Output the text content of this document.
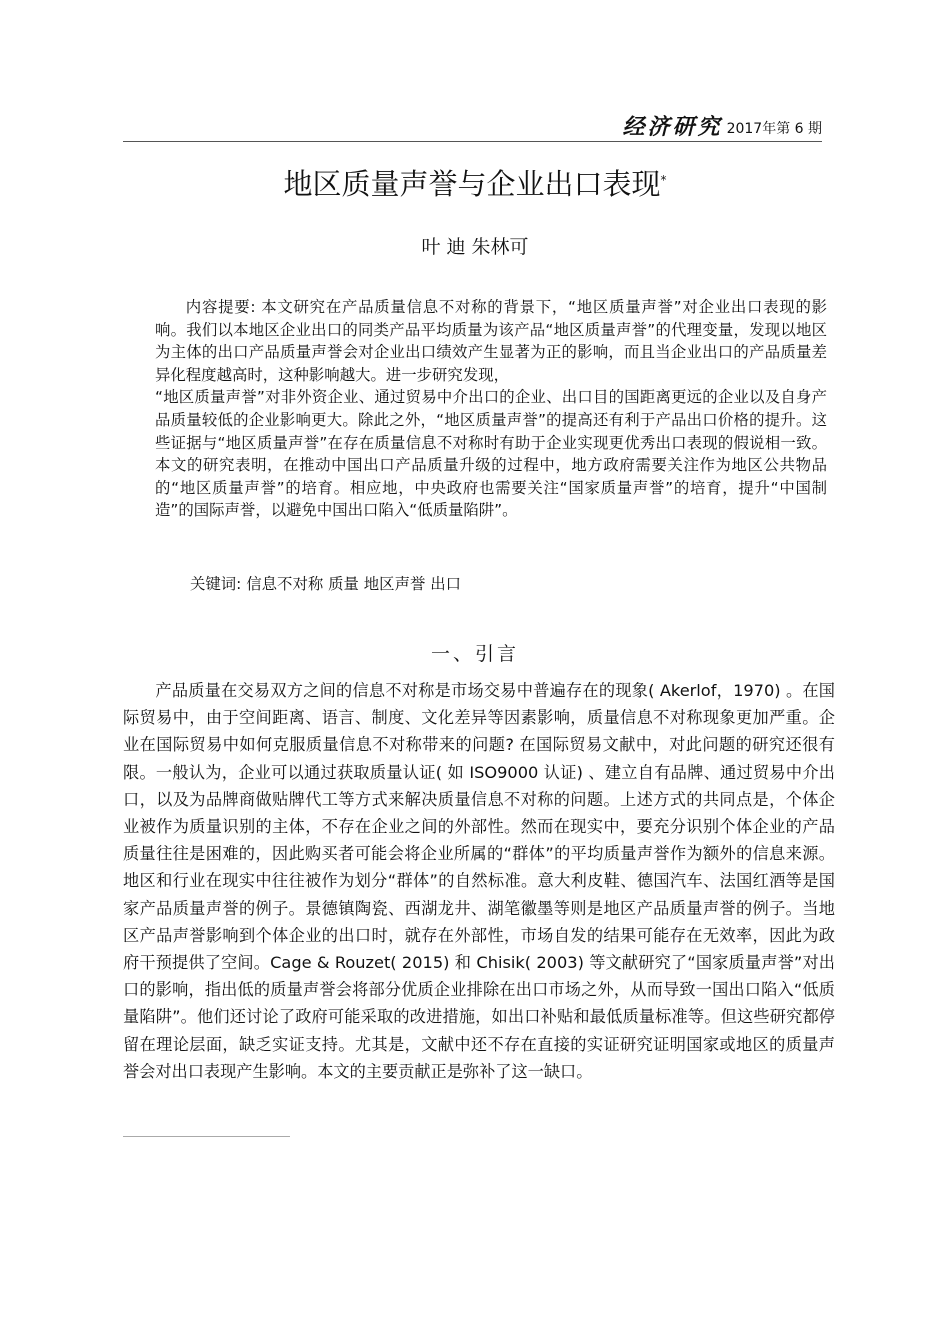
经济研究 2017年第 6 期
地区质量声誉与企业出口表现*
叶 迪 朱林可

内容提要: 本文研究在产品质量信息不对称的背景下，“地区质量声誉”对企业出口表现的影响。我们以本地区企业出口的同类产品平均质量为该产品“地区质量声誉”的代理变量，发现以地区为主体的出口产品质量声誉会对企业出口绩效产生显著为正的影响，而且当企业出口的产品质量差异化程度越高时，这种影响越大。进一步研究发现，

“地区质量声誉”对非外资企业、通过贸易中介出口的企业、出口目的国距离更远的企业以及自身产品质量较低的企业影响更大。除此之外，“地区质量声誉”的提高还有利于产品出口价格的提升。这些证据与“地区质量声誉”在存在质量信息不对称时有助于企业实现更优秀出口表现的假说相一致。本文的研究表明，在推动中国出口产品质量升级的过程中，地方政府需要关注作为地区公共物品的“地区质量声誉”的培育。相应地，中央政府也需要关注“国家质量声誉”的培育，提升“中国制造”的国际声誉，以避免中国出口陷入“低质量陷阱”。

关键词: 信息不对称 质量 地区声誉 出口
一、引言

产品质量在交易双方之间的信息不对称是市场交易中普遍存在的现象( Akerlof，1970) 。在国际贸易中，由于空间距离、语言、制度、文化差异等因素影响，质量信息不对称现象更加严重。企业在国际贸易中如何克服质量信息不对称带来的问题? 在国际贸易文献中，对此问题的研究还很有限。一般认为，企业可以通过获取质量认证( 如 ISO9000 认证) 、建立自有品牌、通过贸易中介出口，以及为品牌商做贴牌代工等方式来解决质量信息不对称的问题。上述方式的共同点是，个体企业被作为质量识别的主体，不存在企业之间的外部性。然而在现实中，要充分识别个体企业的产品质量往往是困难的，因此购买者可能会将企业所属的“群体”的平均质量声誉作为额外的信息来源。地区和行业在现实中往往被作为划分“群体”的自然标准。意大利皮鞋、德国汽车、法国红酒等是国家产品质量声誉的例子。景德镇陶瓷、西湖龙井、湖笔徽墨等则是地区产品质量声誉的例子。当地区产品声誉影响到个体企业的出口时，就存在外部性，市场自发的结果可能存在无效率，因此为政府干预提供了空间。Cage & Rouzet( 2015) 和 Chisik( 2003) 等文献研究了“国家质量声誉”对出口的影响，指出低的质量声誉会将部分优质企业排除在出口市场之外，从而导致一国出口陷入“低质量陷阱”。他们还讨论了政府可能采取的改进措施，如出口补贴和最低质量标准等。但这些研究都停留在理论层面，缺乏实证支持。尤其是，文献中还不存在直接的实证研究证明国家或地区的质量声誉会对出口表现产生影响。本文的主要贡献正是弥补了这一缺口。
